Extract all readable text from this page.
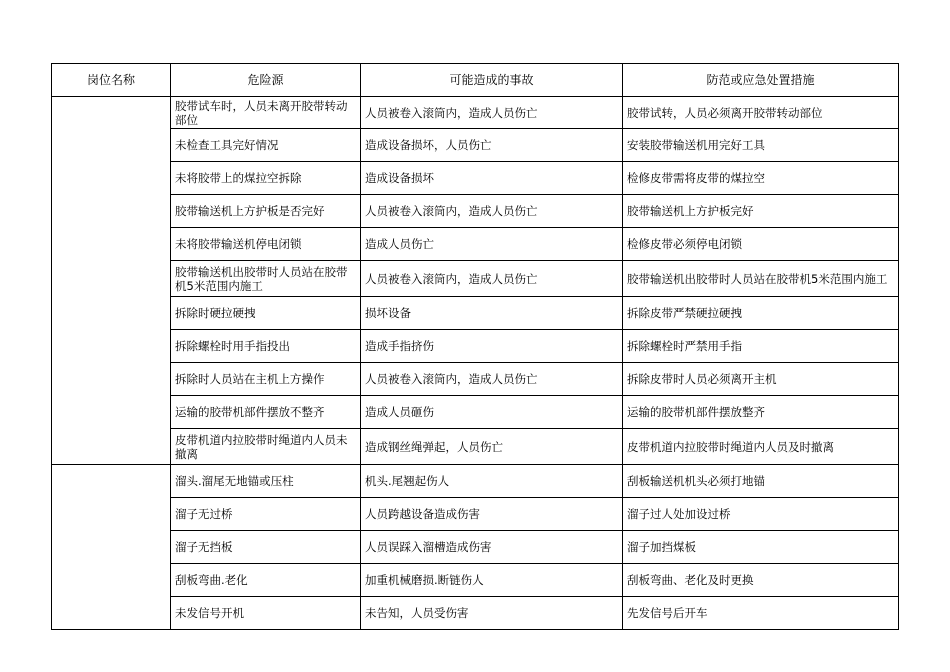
岗位名称	危险源	可能造成的事故	防范或应急处置措施
	胶带试车时，人员未离开胶带转动部位	人员被卷入滚筒内，造成人员伤亡	胶带试转，人员必须离开胶带转动部位
	未检查工具完好情况	造成设备损坏，人员伤亡	安装胶带输送机用完好工具
	未将胶带上的煤拉空拆除	造成设备损坏	检修皮带需将皮带的煤拉空
	胶带输送机上方护板是否完好	人员被卷入滚筒内，造成人员伤亡	胶带输送机上方护板完好
	未将胶带输送机停电闭锁	造成人员伤亡	检修皮带必须停电闭锁
	胶带输送机出胶带时人员站在胶带机5米范围内施工	人员被卷入滚筒内，造成人员伤亡	胶带输送机出胶带时人员站在胶带机5米范围内施工
	拆除时硬拉硬拽	损坏设备	拆除皮带严禁硬拉硬拽
	拆除螺栓时用手指投出	造成手指挤伤	拆除螺栓时严禁用手指
	拆除时人员站在主机上方操作	人员被卷入滚筒内，造成人员伤亡	拆除皮带时人员必须离开主机
	运输的胶带机部件摆放不整齐	造成人员砸伤	运输的胶带机部件摆放整齐
	皮带机道内拉胶带时绳道内人员未撤离	造成钢丝绳弹起，人员伤亡	皮带机道内拉胶带时绳道内人员及时撤离
	溜头.溜尾无地锚或压柱	机头.尾翘起伤人	刮板输送机机头必须打地锚
	溜子无过桥	人员跨越设备造成伤害	溜子过人处加设过桥
	溜子无挡板	人员误踩入溜槽造成伤害	溜子加挡煤板
	刮板弯曲.老化	加重机械磨损.断链伤人	刮板弯曲、老化及时更换
	未发信号开机	未告知，人员受伤害	先发信号后开车
